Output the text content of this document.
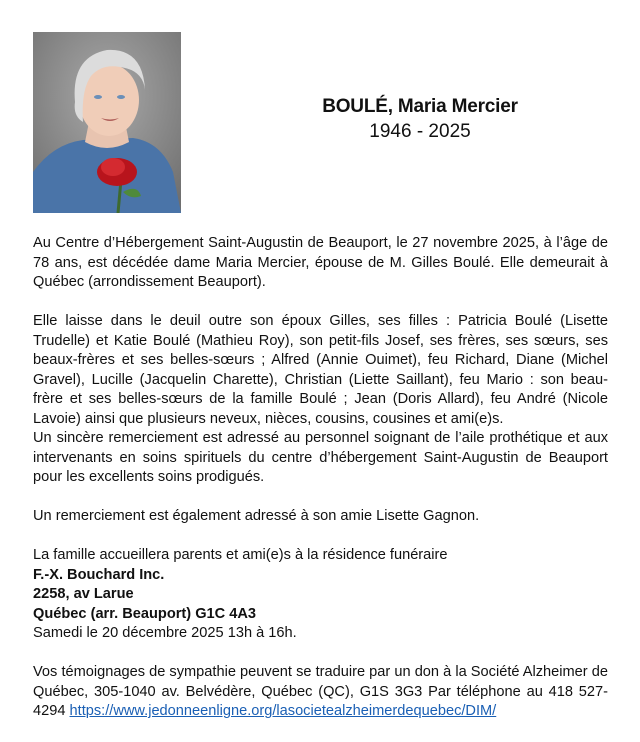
BOULÉ, Maria Mercier
1946 - 2025

Au Centre d’Hébergement Saint-Augustin de Beauport, le 27 novembre 2025, à l’âge de 78 ans, est décédée dame Maria Mercier, épouse de M. Gilles Boulé. Elle demeurait à Québec (arrondissement Beauport).

Elle laisse dans le deuil outre son époux Gilles, ses filles : Patricia Boulé (Lisette Trudelle) et Katie Boulé (Mathieu Roy), son petit-fils Josef, ses frères, ses sœurs, ses beaux-frères et ses belles-sœurs ; Alfred (Annie Ouimet), feu Richard, Diane (Michel Gravel), Lucille (Jacquelin Charette), Christian (Liette Saillant), feu Mario : son beau-frère et ses belles-sœurs de la famille Boulé ; Jean (Doris Allard), feu André (Nicole Lavoie) ainsi que plusieurs neveux, nièces, cousins, cousines et ami(e)s.

Un sincère remerciement est adressé au personnel soignant de l’aile prothétique et aux intervenants en soins spirituels du centre d’hébergement Saint-Augustin de Beauport pour les excellents soins prodigués.

Un remerciement est également adressé à son amie Lisette Gagnon.

La famille accueillera parents et ami(e)s à la résidence funéraire

F.-X. Bouchard Inc.

2258, av Larue

Québec (arr. Beauport) G1C 4A3

Samedi le 20 décembre 2025 13h à 16h.

Vos témoignages de sympathie peuvent se traduire par un don à la Société Alzheimer de Québec, 305-1040 av. Belvédère, Québec (QC), G1S 3G3 Par téléphone au 418 527-4294 https://www.jedonneenligne.org/lasocietealzheimerdequebec/DIM/
